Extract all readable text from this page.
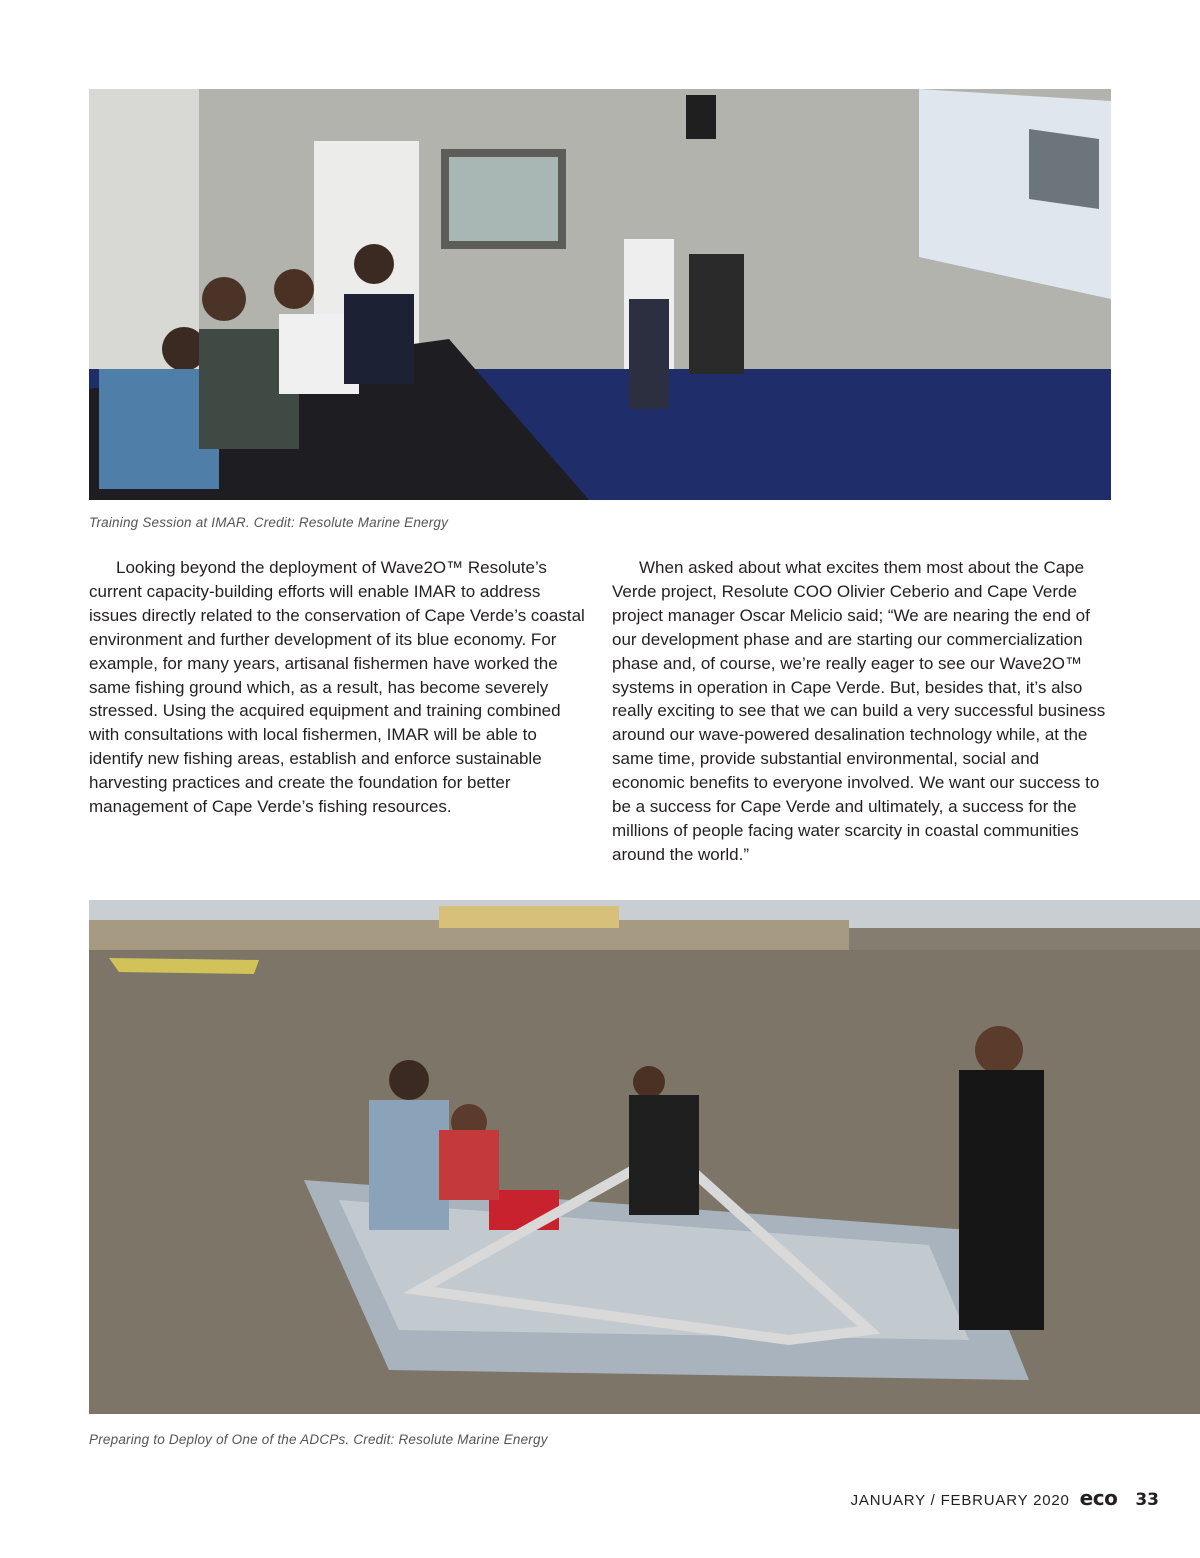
Training Session at IMAR. Credit: Resolute Marine Energy

Looking beyond the deployment of Wave2O™ Resolute’s current capacity-building efforts will enable IMAR to address issues directly related to the conservation of Cape Verde’s coastal environment and further development of its blue economy. For example, for many years, artisanal fishermen have worked the same fishing ground which, as a result, has become severely stressed. Using the acquired equipment and training combined with consultations with local fishermen, IMAR will be able to identify new fishing areas, establish and enforce sustainable harvesting practices and create the foundation for better management of Cape Verde’s fishing resources.

When asked about what excites them most about the Cape Verde project, Resolute COO Olivier Ceberio and Cape Verde project manager Oscar Melicio said; “We are nearing the end of our development phase and are starting our commercialization phase and, of course, we’re really eager to see our Wave2O™ systems in operation in Cape Verde. But, besides that, it’s also really exciting to see that we can build a very successful business around our wave-powered desalination technology while, at the same time, provide substantial environmental, social and economic benefits to everyone involved. We want our success to be a success for Cape Verde and ultimately, a success for the millions of people facing water scarcity in coastal communities around the world.”

Preparing to Deploy of One of the ADCPs. Credit: Resolute Marine Energy

JANUARY / FEBRUARY 2020 eco 33
